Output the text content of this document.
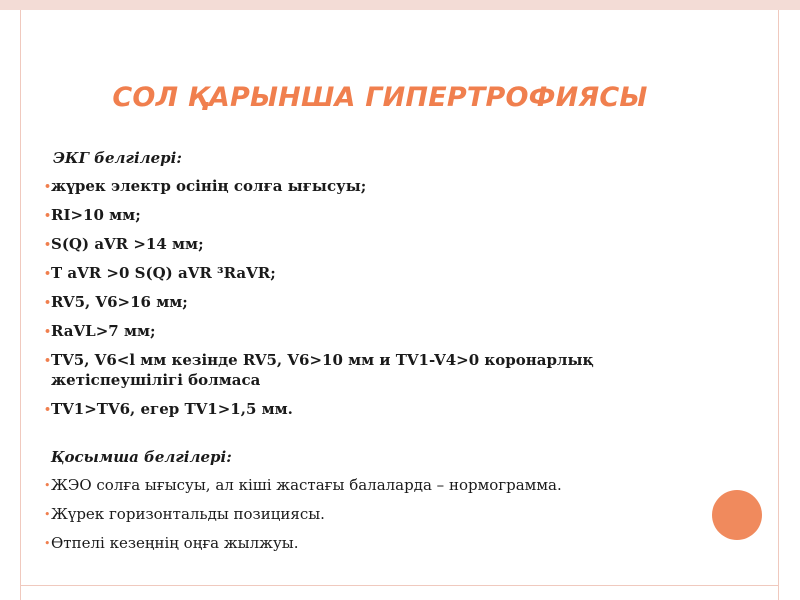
СОЛ ҚАРЫНША ГИПЕРТРОФИЯСЫ
ЭКГ белгілері:
• жүрек электр осінің солға ығысуы;
• RI>10 мм;
• S(Q) aVR >14 мм;
• T aVR >0 S(Q) aVR ³RaVR;
• RV5, V6>16 мм;
• RaVL>7 мм;
• TV5, V6<l мм кезінде RV5, V6>10 мм и TV1-V4>0 коронарлық жетіспеушілігі болмаса
• TV1>TV6, егер TV1>1,5 мм.
Қосымша белгілері:
• ЖЭО солға ығысуы, ал кіші жастағы балаларда – нормограмма.
• Жүрек горизонтальды позициясы.
• Өтпелі кезеңнің оңға жылжуы.
